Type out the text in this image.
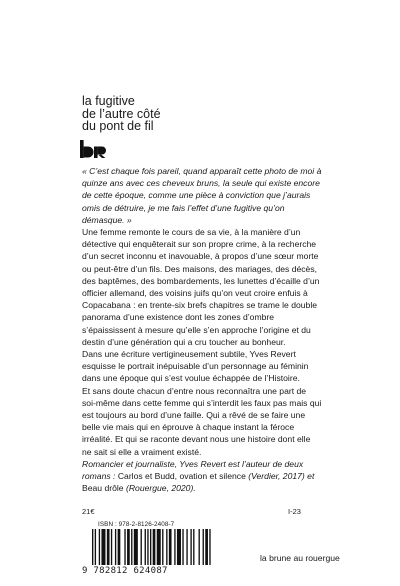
la fugitive
de l’autre côté
du pont de fil

« C’est chaque fois pareil, quand apparaît cette photo de moi à quinze ans avec ces cheveux bruns, la seule qui existe encore de cette époque, comme une pièce à conviction que j’aurais omis de détruire, je me fais l’effet d’une fugitive qu’on démasque. »

Une femme remonte le cours de sa vie, à la manière d’un détective qui enquêterait sur son propre crime, à la recherche d’un secret inconnu et inavouable, à propos d’une sœur morte ou peut-être d’un fils. Des maisons, des mariages, des décès, des baptêmes, des bombardements, les lunettes d’écaille d’un officier allemand, des voisins juifs qu’on veut croire enfuis à Copacabana : en trente-six brefs chapitres se trame le double panorama d’une existence dont les zones d’ombre s’épaississent à mesure qu’elle s’en approche l’origine et du destin d’une génération qui a cru toucher au bonheur.

Dans une écriture vertigineusement subtile, Yves Revert esquisse le portrait inépuisable d’un personnage au féminin dans une époque qui s’est voulue échappée de l’Histoire.

Et sans doute chacun d’entre nous reconnaîtra une part de soi-même dans cette femme qui s’interdit les faux pas mais qui est toujours au bord d’une faille. Qui a rêvé de se faire une belle vie mais qui en éprouve à chaque instant la féroce irréalité. Et qui se raconte devant nous une histoire dont elle ne sait si elle a vraiment existé.

Romancier et journaliste, Yves Revert est l’auteur de deux romans : Carlos et Budd, ovation et silence (Verdier, 2017) et Beau drôle (Rouergue, 2020).

21€	I-23
ISBN : 978-2-8126-2408-7
9 782812 624087
la brune au rouergue
